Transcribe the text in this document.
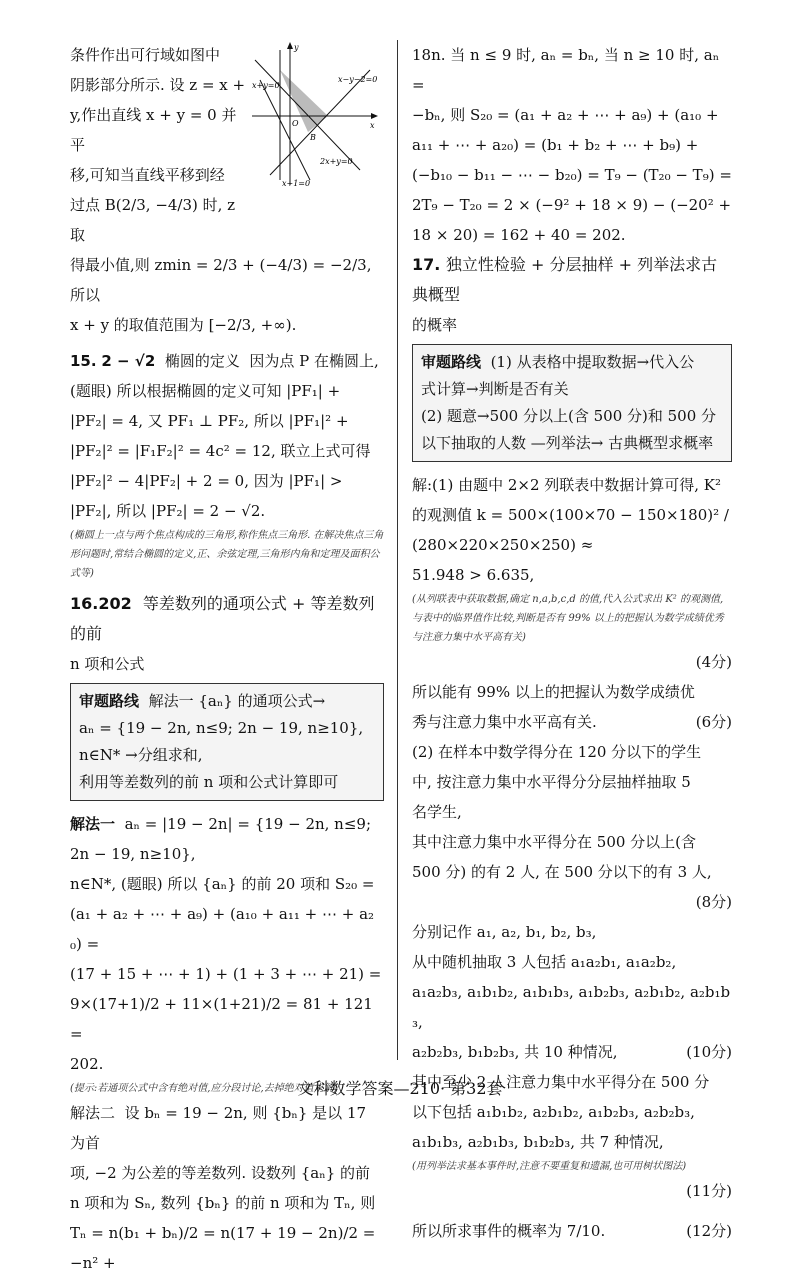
条件作出可行域如图中

阴影部分所示. 设 z = x +

y,作出直线 x + y = 0 并平

移,可知当直线平移到经

过点 B(2/3, −4/3) 时, z 取

得最小值,则 zmin = 2/3 + (−4/3) = −2/3,所以

x + y 的取值范围为 [−2/3, +∞).

15. 2 − √2 椭圆的定义 因为点 P 在椭圆上,

(题眼) 所以根据椭圆的定义可知 |PF₁| +

|PF₂| = 4, 又 PF₁ ⊥ PF₂, 所以 |PF₁|² +

|PF₂|² = |F₁F₂|² = 4c² = 12, 联立上式可得

|PF₂|² − 4|PF₂| + 2 = 0, 因为 |PF₁| >

|PF₂|, 所以 |PF₂| = 2 − √2.

(椭圆上一点与两个焦点构成的三角形,称作焦点三角形. 在解决焦点三角形问题时,常结合椭圆的定义,正、余弦定理,三角形内角和定理及面积公式等)

16.202 等差数列的通项公式 + 等差数列的前

n 项和公式

审题路线 解法一 {aₙ} 的通项公式→

aₙ = {19 − 2n, n≤9; 2n − 19, n≥10}, n∈N* →分组求和,

利用等差数列的前 n 项和公式计算即可

解法一 aₙ = |19 − 2n| = {19 − 2n, n≤9; 2n − 19, n≥10},

n∈N*, (题眼) 所以 {aₙ} 的前 20 项和 S₂₀ =

(a₁ + a₂ + ⋯ + a₉) + (a₁₀ + a₁₁ + ⋯ + a₂₀) =

(17 + 15 + ⋯ + 1) + (1 + 3 + ⋯ + 21) =

9×(17+1)/2 + 11×(1+21)/2 = 81 + 121 =

202.

(提示:若通项公式中含有绝对值,应分段讨论,去掉绝对值求解)

解法二 设 bₙ = 19 − 2n, 则 {bₙ} 是以 17 为首

项, −2 为公差的等差数列. 设数列 {aₙ} 的前

n 项和为 Sₙ, 数列 {bₙ} 的前 n 项和为 Tₙ, 则

Tₙ = n(b₁ + bₙ)/2 = n(17 + 19 − 2n)/2 = −n² +

y
x
O
B
x+y=0
x−y−2=0
2x+y=0
x+1=0

18n. 当 n ≤ 9 时, aₙ = bₙ, 当 n ≥ 10 时, aₙ =

−bₙ, 则 S₂₀ = (a₁ + a₂ + ⋯ + a₉) + (a₁₀ +

a₁₁ + ⋯ + a₂₀) = (b₁ + b₂ + ⋯ + b₉) +

(−b₁₀ − b₁₁ − ⋯ − b₂₀) = T₉ − (T₂₀ − T₉) =

2T₉ − T₂₀ = 2 × (−9² + 18 × 9) − (−20² +

18 × 20) = 162 + 40 = 202.

17. 独立性检验 + 分层抽样 + 列举法求古典概型

的概率

审题路线 (1) 从表格中提取数据→代入公

式计算→判断是否有关

(2) 题意→500 分以上(含 500 分)和 500 分

以下抽取的人数 —列举法→ 古典概型求概率

解:(1) 由题中 2×2 列联表中数据计算可得, K²

的观测值 k = 500×(100×70 − 150×180)² / (280×220×250×250) ≈

51.948 > 6.635,

(从列联表中获取数据,确定 n,a,b,c,d 的值,代入公式求出 K² 的观测值,与表中的临界值作比较,判断是否有 99% 以上的把握认为数学成绩优秀与注意力集中水平高有关)

(4分)

所以能有 99% 以上的把握认为数学成绩优

秀与注意力集中水平高有关.	(6分)

(2) 在样本中数学得分在 120 分以下的学生

中, 按注意力集中水平得分分层抽样抽取 5

名学生,

其中注意力集中水平得分在 500 分以上(含

500 分) 的有 2 人, 在 500 分以下的有 3 人,

(8分)

分别记作 a₁, a₂, b₁, b₂, b₃,

从中随机抽取 3 人包括 a₁a₂b₁, a₁a₂b₂,

a₁a₂b₃, a₁b₁b₂, a₁b₁b₃, a₁b₂b₃, a₂b₁b₂, a₂b₁b₃,

a₂b₂b₃, b₁b₂b₃, 共 10 种情况,	(10分)

其中至少 2 人注意力集中水平得分在 500 分

以下包括 a₁b₁b₂, a₂b₁b₂, a₁b₂b₃, a₂b₂b₃,

a₁b₁b₃, a₂b₁b₃, b₁b₂b₃, 共 7 种情况,

(用列举法求基本事件时,注意不要重复和遗漏,也可用树状图法)

(11分)

所以所求事件的概率为 7/10.	(12分)

文科数学答案—210· 第32套
